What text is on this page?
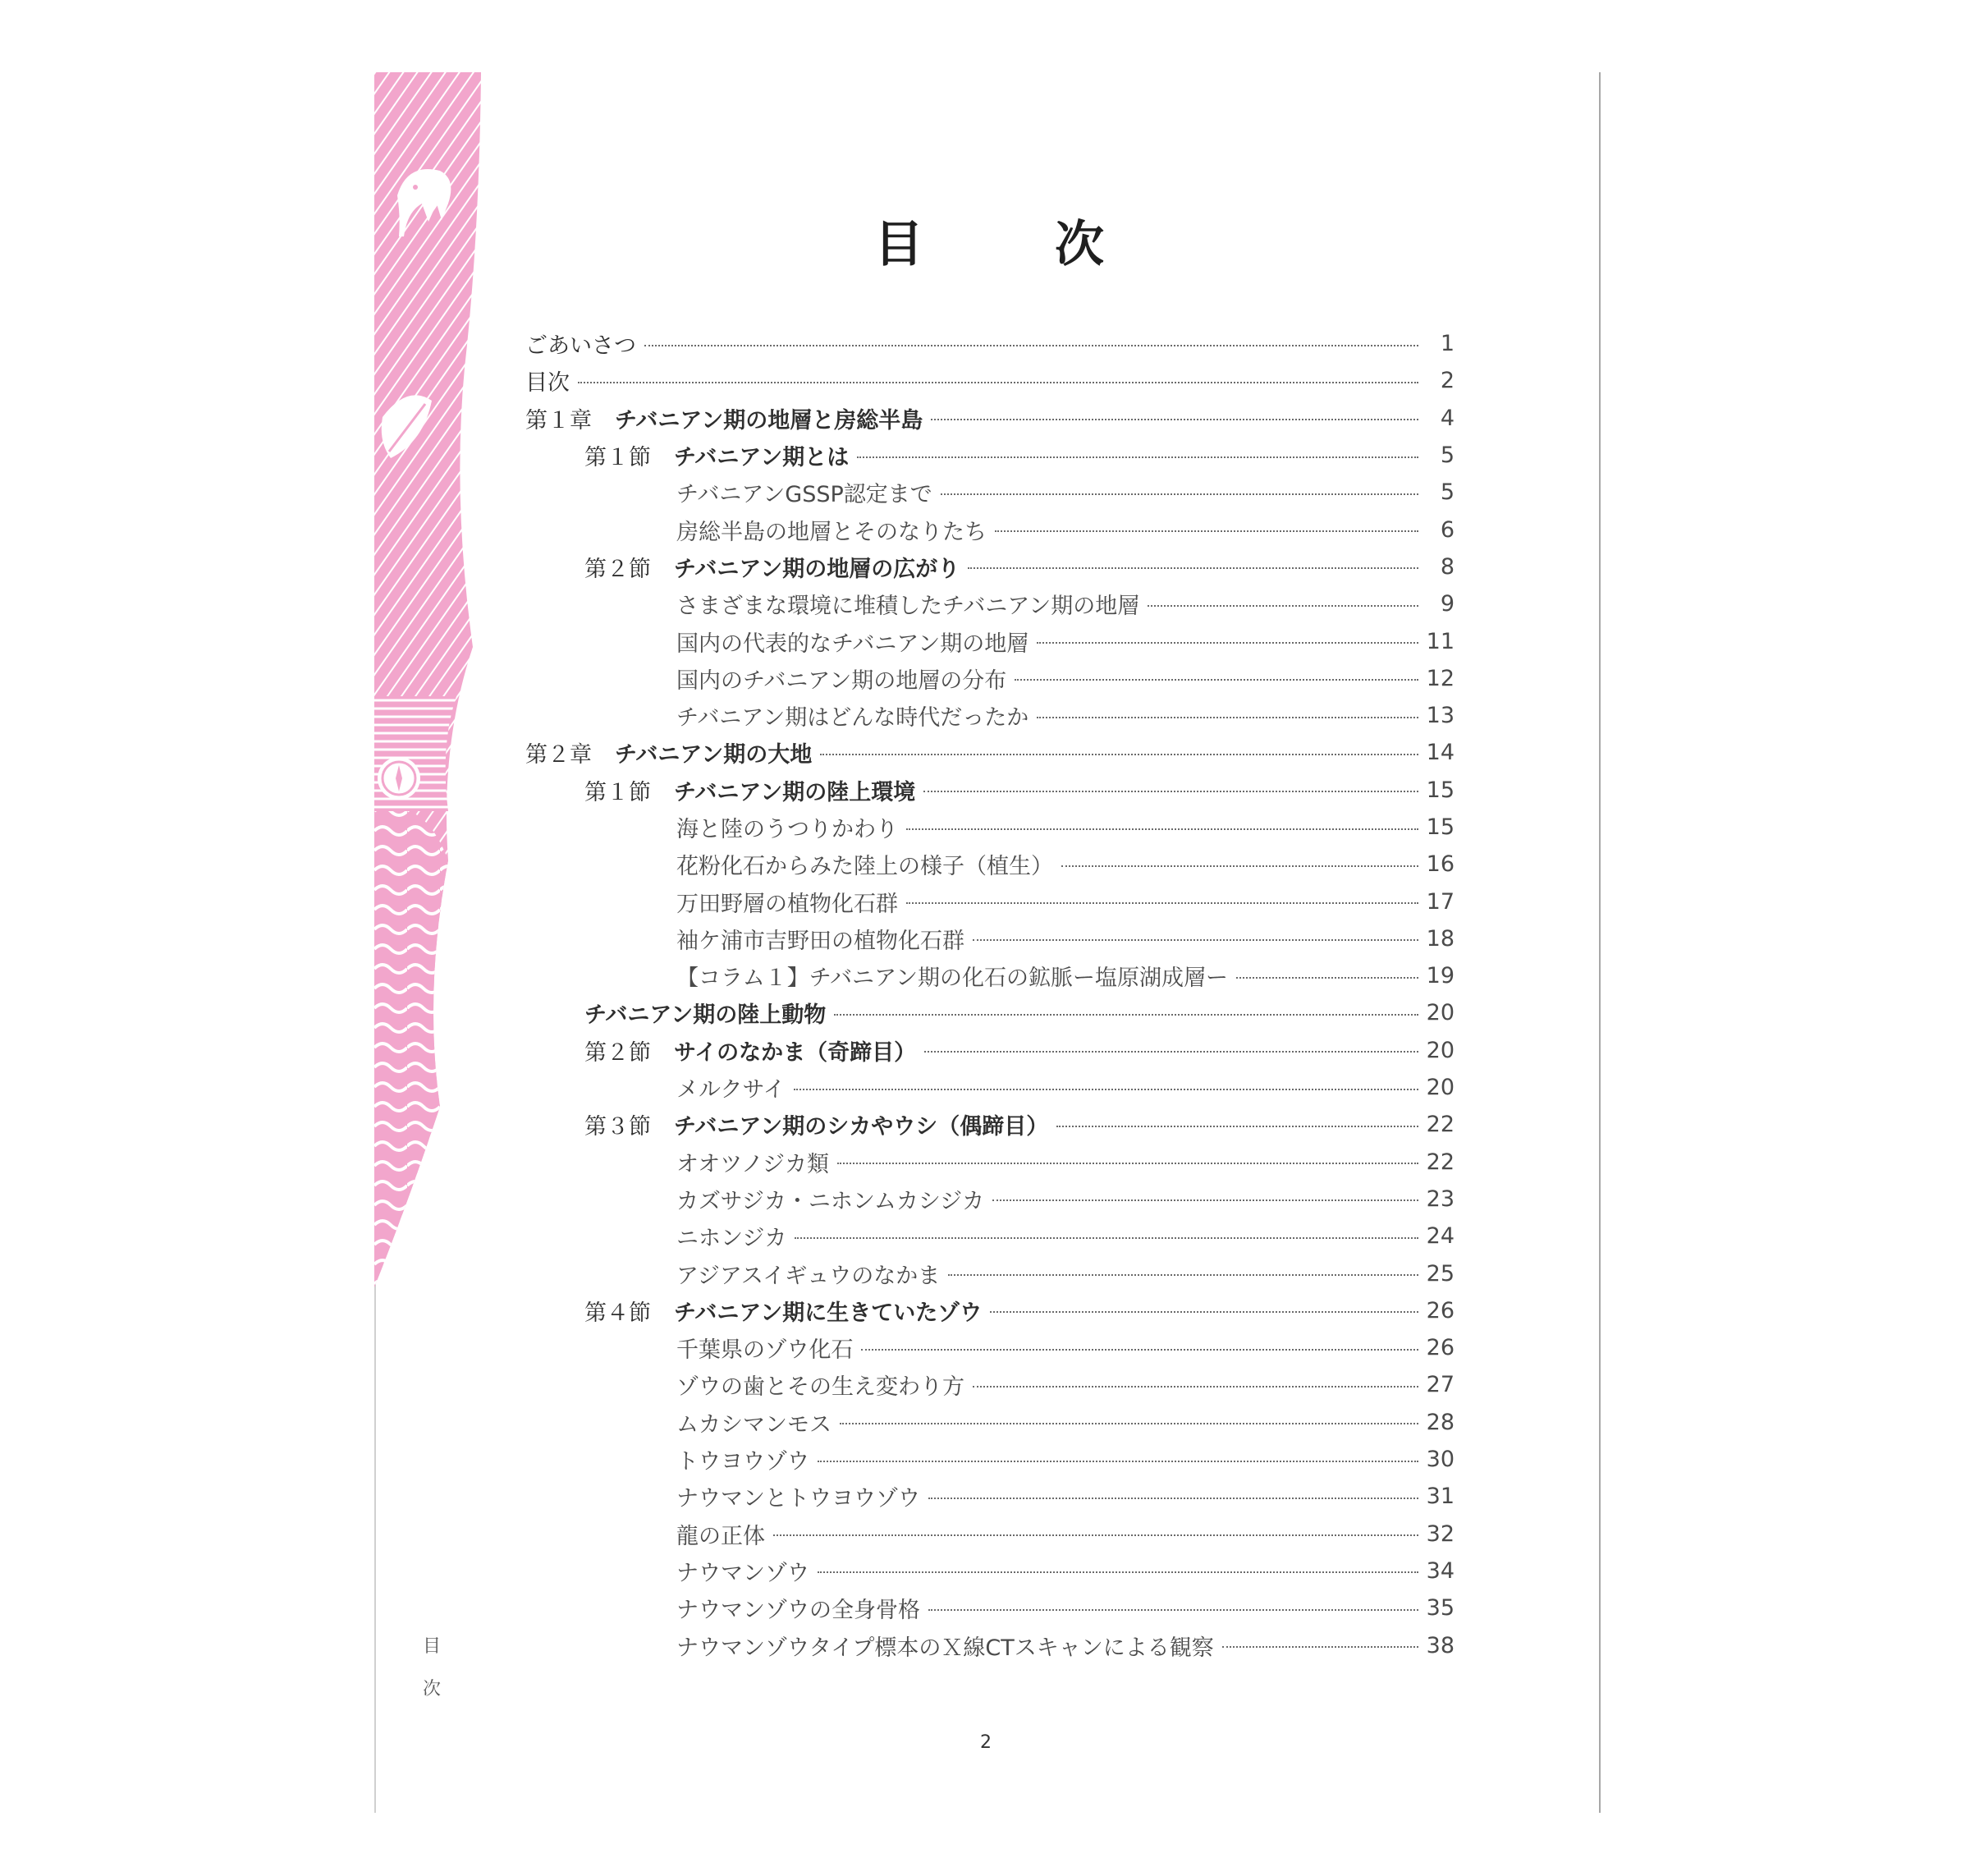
目　次
ごあいさつ	1
目次	2
第１章 チバニアン期の地層と房総半島	4
第１節 チバニアン期とは	5
チバニアンGSSP認定まで	5
房総半島の地層とそのなりたち	6
第２節 チバニアン期の地層の広がり	8
さまざまな環境に堆積したチバニアン期の地層	9
国内の代表的なチバニアン期の地層	11
国内のチバニアン期の地層の分布	12
チバニアン期はどんな時代だったか	13
第２章 チバニアン期の大地	14
第１節 チバニアン期の陸上環境	15
海と陸のうつりかわり	15
花粉化石からみた陸上の様子（植生）	16
万田野層の植物化石群	17
袖ケ浦市吉野田の植物化石群	18
【コラム１】チバニアン期の化石の鉱脈ー塩原湖成層ー	19
チバニアン期の陸上動物	20
第２節 サイのなかま（奇蹄目）	20
メルクサイ	20
第３節 チバニアン期のシカやウシ（偶蹄目）	22
オオツノジカ類	22
カズサジカ・ニホンムカシジカ	23
ニホンジカ	24
アジアスイギュウのなかま	25
第４節 チバニアン期に生きていたゾウ	26
千葉県のゾウ化石	26
ゾウの歯とその生え変わり方	27
ムカシマンモス	28
トウヨウゾウ	30
ナウマンとトウヨウゾウ	31
龍の正体	32
ナウマンゾウ	34
ナウマンゾウの全身骨格	35
ナウマンゾウタイプ標本のＸ線CTスキャンによる観察	38
目
次
2
